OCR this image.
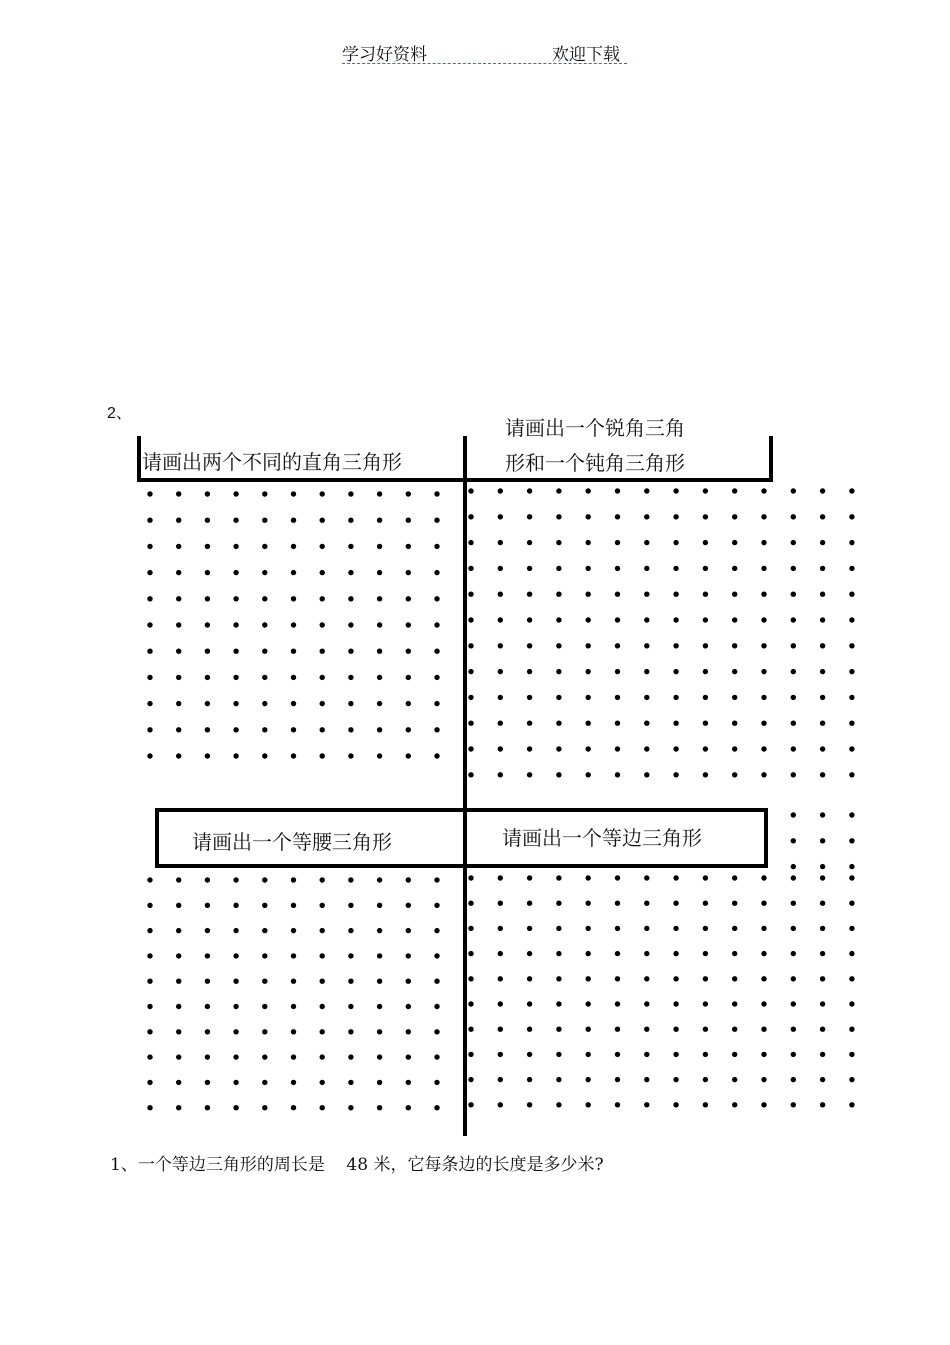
学习好资料	欢迎下载
2、
请画出两个不同的直角三角形
请画出一个锐角三角
形和一个钝角三角形
请画出一个等腰三角形	请画出一个等边三角形
1、一个等边三角形的周长是    48 米，它每条边的长度是多少米?
